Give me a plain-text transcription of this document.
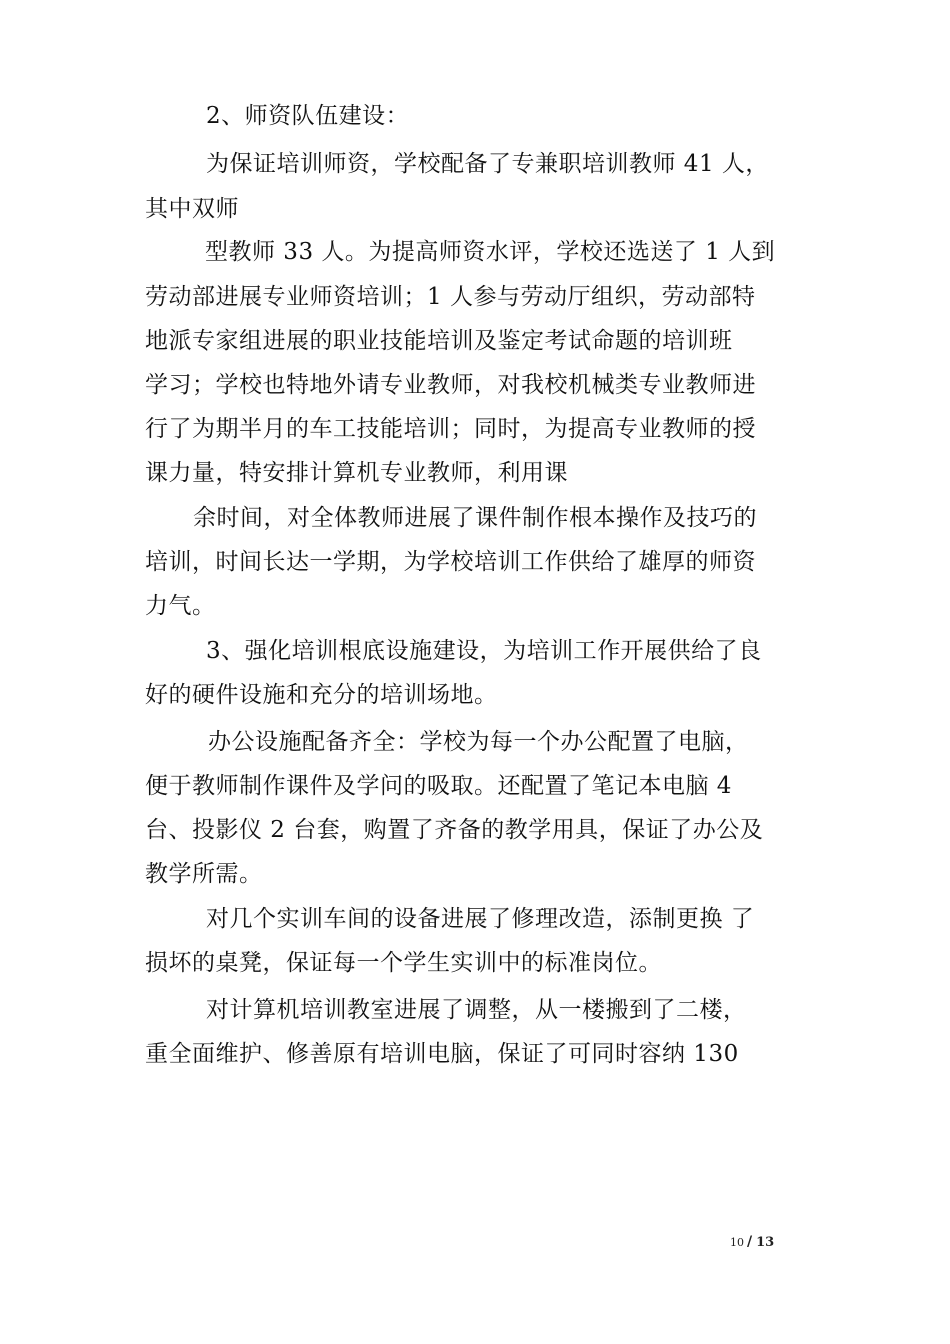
2、师资队伍建设：
为保证培训师资，学校配备了专兼职培训教师 41 人，
其中双师
型教师 33 人。为提高师资水评，学校还选送了 1 人到
劳动部进展专业师资培训；1 人参与劳动厅组织，劳动部特
地派专家组进展的职业技能培训及鉴定考试命题的培训班
学习；学校也特地外请专业教师，对我校机械类专业教师进
行了为期半月的车工技能培训；同时，为提高专业教师的授
课力量，特安排计算机专业教师，利用课
余时间，对全体教师进展了课件制作根本操作及技巧的
培训，时间长达一学期，为学校培训工作供给了雄厚的师资
力气。
3、强化培训根底设施建设，为培训工作开展供给了良
好的硬件设施和充分的培训场地。
办公设施配备齐全：学校为每一个办公配置了电脑，
便于教师制作课件及学问的吸取。还配置了笔记本电脑 4
台、投影仪 2 台套，购置了齐备的教学用具，保证了办公及
教学所需。
对几个实训车间的设备进展了修理改造，添制更换 了
损坏的桌凳，保证每一个学生实训中的标准岗位。
对计算机培训教室进展了调整，从一楼搬到了二楼，
重全面维护、修善原有培训电脑，保证了可同时容纳 130
10 / 13
